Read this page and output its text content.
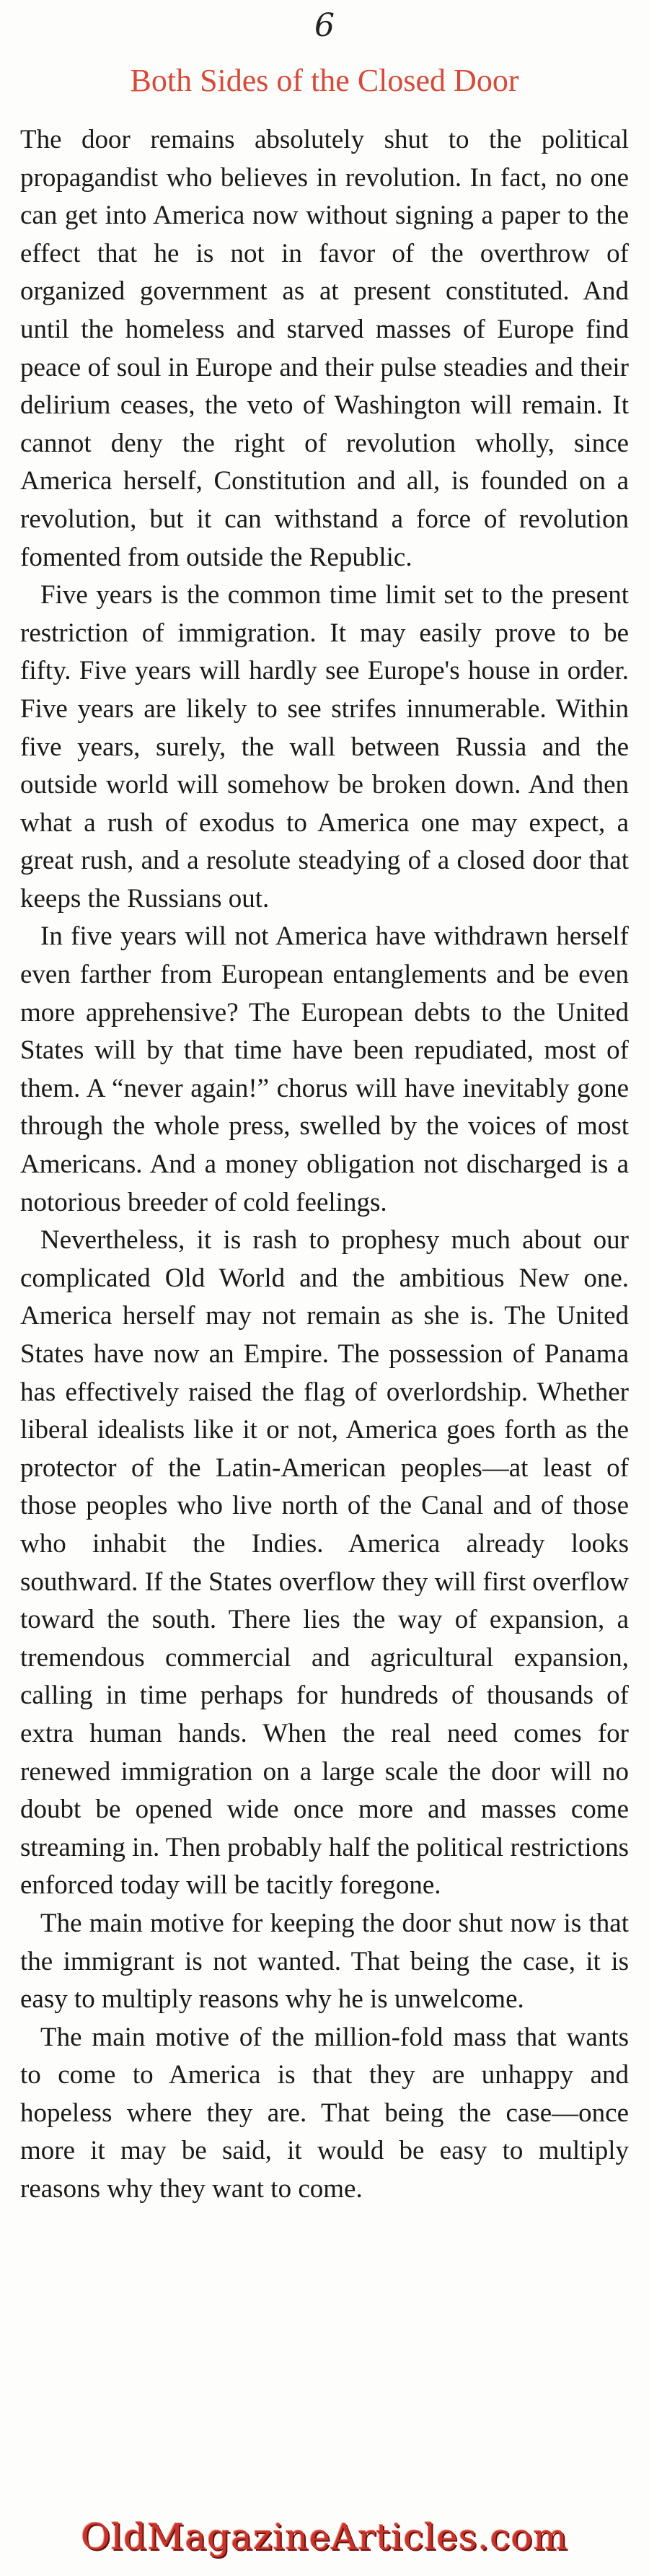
6
Both Sides of the Closed Door

The door remains absolutely shut to the political propagandist who believes in revolution. In fact, no one can get into America now without signing a paper to the effect that he is not in favor of the overthrow of organized government as at present constituted. And until the homeless and starved masses of Europe find peace of soul in Europe and their pulse steadies and their delirium ceases, the veto of Washington will remain. It cannot deny the right of revolution wholly, since America herself, Constitution and all, is founded on a revolution, but it can withstand a force of revolution fomented from outside the Republic.

Five years is the common time limit set to the present restriction of immigration. It may easily prove to be fifty. Five years will hardly see Europe's house in order. Five years are likely to see strifes innumerable. Within five years, surely, the wall between Russia and the outside world will somehow be broken down. And then what a rush of exodus to America one may expect, a great rush, and a resolute steadying of a closed door that keeps the Russians out.

In five years will not America have withdrawn herself even farther from European entanglements and be even more apprehensive? The European debts to the United States will by that time have been repudiated, most of them. A “never again!” chorus will have inevitably gone through the whole press, swelled by the voices of most Americans. And a money obligation not discharged is a notorious breeder of cold feelings.

Nevertheless, it is rash to prophesy much about our complicated Old World and the ambitious New one. America herself may not remain as she is. The United States have now an Empire. The possession of Panama has effectively raised the flag of overlordship. Whether liberal idealists like it or not, America goes forth as the protector of the Latin-American peoples—at least of those peoples who live north of the Canal and of those who inhabit the Indies. America already looks southward. If the States overflow they will first overflow toward the south. There lies the way of expansion, a tremendous commercial and agricultural expansion, calling in time perhaps for hundreds of thousands of extra human hands. When the real need comes for renewed immigration on a large scale the door will no doubt be opened wide once more and masses come streaming in. Then probably half the political restrictions enforced today will be tacitly foregone.

The main motive for keeping the door shut now is that the immigrant is not wanted. That being the case, it is easy to multiply reasons why he is unwelcome.

The main motive of the million-fold mass that wants to come to America is that they are unhappy and hopeless where they are. That being the case—once more it may be said, it would be easy to multiply reasons why they want to come.

OldMagazineArticles.com
